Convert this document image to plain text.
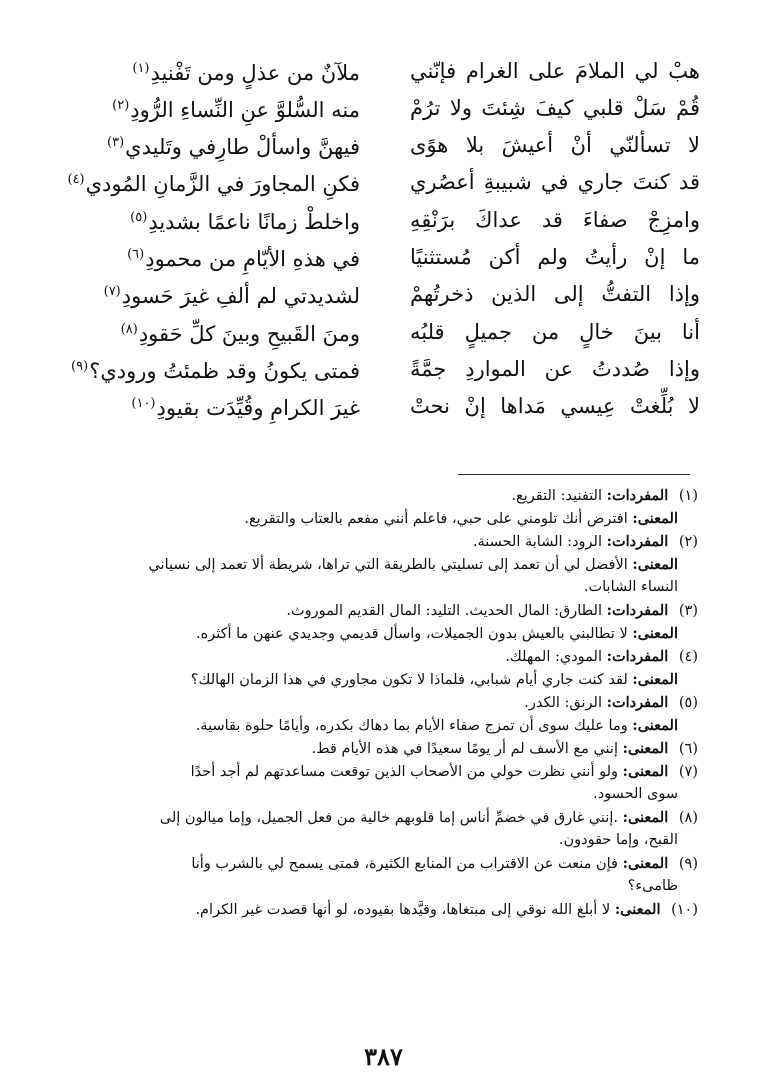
هبْ لي الملامَ على الغرام فإنّني
ملآنٌ من عذلٍ ومن تَفْنيدِ$^{(١)}$
قُمْ سَلْ قلبي كيفَ شِئتَ ولا ترُمْ
منه السُّلوَّ عنِ النِّساءِ الرُّودِ$^{(٢)}$
لا تسألنّي أنْ أعيشَ بلا هوًى
فيهنَّ واسألْ طارِفي وتَليدي$^{(٣)}$
قد كنتَ جاري في شبيبةِ أعصُري
فكنِ المجاورَ في الزَّمانِ المُودي$^{(٤)}$
وامزِجْ صفاءَ قد عداكَ برَنْقِهِ
واخلطْ زمانًا ناعمًا بشديدِ$^{(٥)}$
ما إنْ رأيتُ ولم أكن مُستثنيًا
في هذهِ الأيّامِ من محمودِ$^{(٦)}$
وإذا التفتُّ إلى الذين ذخرتُهمْ
لشديدتي لم ألفِ غيرَ حَسودِ$^{(٧)}$
أنا بينَ خالٍ من جميلٍ قلبُه
ومنَ القَبيحِ وبينَ كلِّ حَقودِ$^{(٨)}$
وإذا صُددتُ عن المواردِ جمَّةً
فمتى يكونُ وقد ظمئتُ ورودي؟$^{(٩)}$
لا بُلِّغتْ عِيسي مَداها إنْ نحتْ
غيرَ الكرامِ وقُيِّدَت بقيودِ$^{(١٠)}$
(١) المفردات: التفنيد: التقريع.
المعنى: افترض أنك تلومني على حبي، فاعلم أنني مفعم بالعتاب والتقريع.
(٢) المفردات: الرود: الشابة الحسنة.
المعنى: الأفضل لي أن تعمد إلى تسليتي بالطريقة التي تراها، شريطة ألا تعمد إلى نسياني
النساء الشابات.
(٣) المفردات: الطارق: المال الحديث. التليد: المال القديم الموروث.
المعنى: لا تطالبني بالعيش بدون الجميلات، واسأل قديمي وجديدي عنهن ما أكثره.
(٤) المفردات: المودي: المهلك.
المعنى: لقد كنت جاري أيام شبابي، فلماذا لا تكون مجاوري في هذا الزمان الهالك؟
(٥) المفردات: الرنق: الكدر.
المعنى: وما عليك سوى أن تمزج صفاء الأيام بما دهاك بكدره، وأيامًا حلوة بقاسية.
(٦) المعنى: إنني مع الأسف لم أر يومًا سعيدًا في هذه الأيام قط.
(٧) المعنى: ولو أنني نظرت حولي من الأصحاب الذين توقعت مساعدتهم لم أجد أحدًا
سوى الحسود.
(٨) المعنى: .إنني غارق في خضمِّ أناس إما قلوبهم خالية من فعل الجميل، وإما ميالون إلى
القبح، وإما حقودون.
(٩) المعنى: فإن منعت عن الاقتراب من المنابع الكثيرة، فمتى يسمح لي بالشرب وأنا
ظامىء؟
(١٠) المعنى: لا أبلغ الله نوقي إلى مبتغاها، وقيَّدها بقيوده، لو أنها قصدت غير الكرام.
٣٨٧
